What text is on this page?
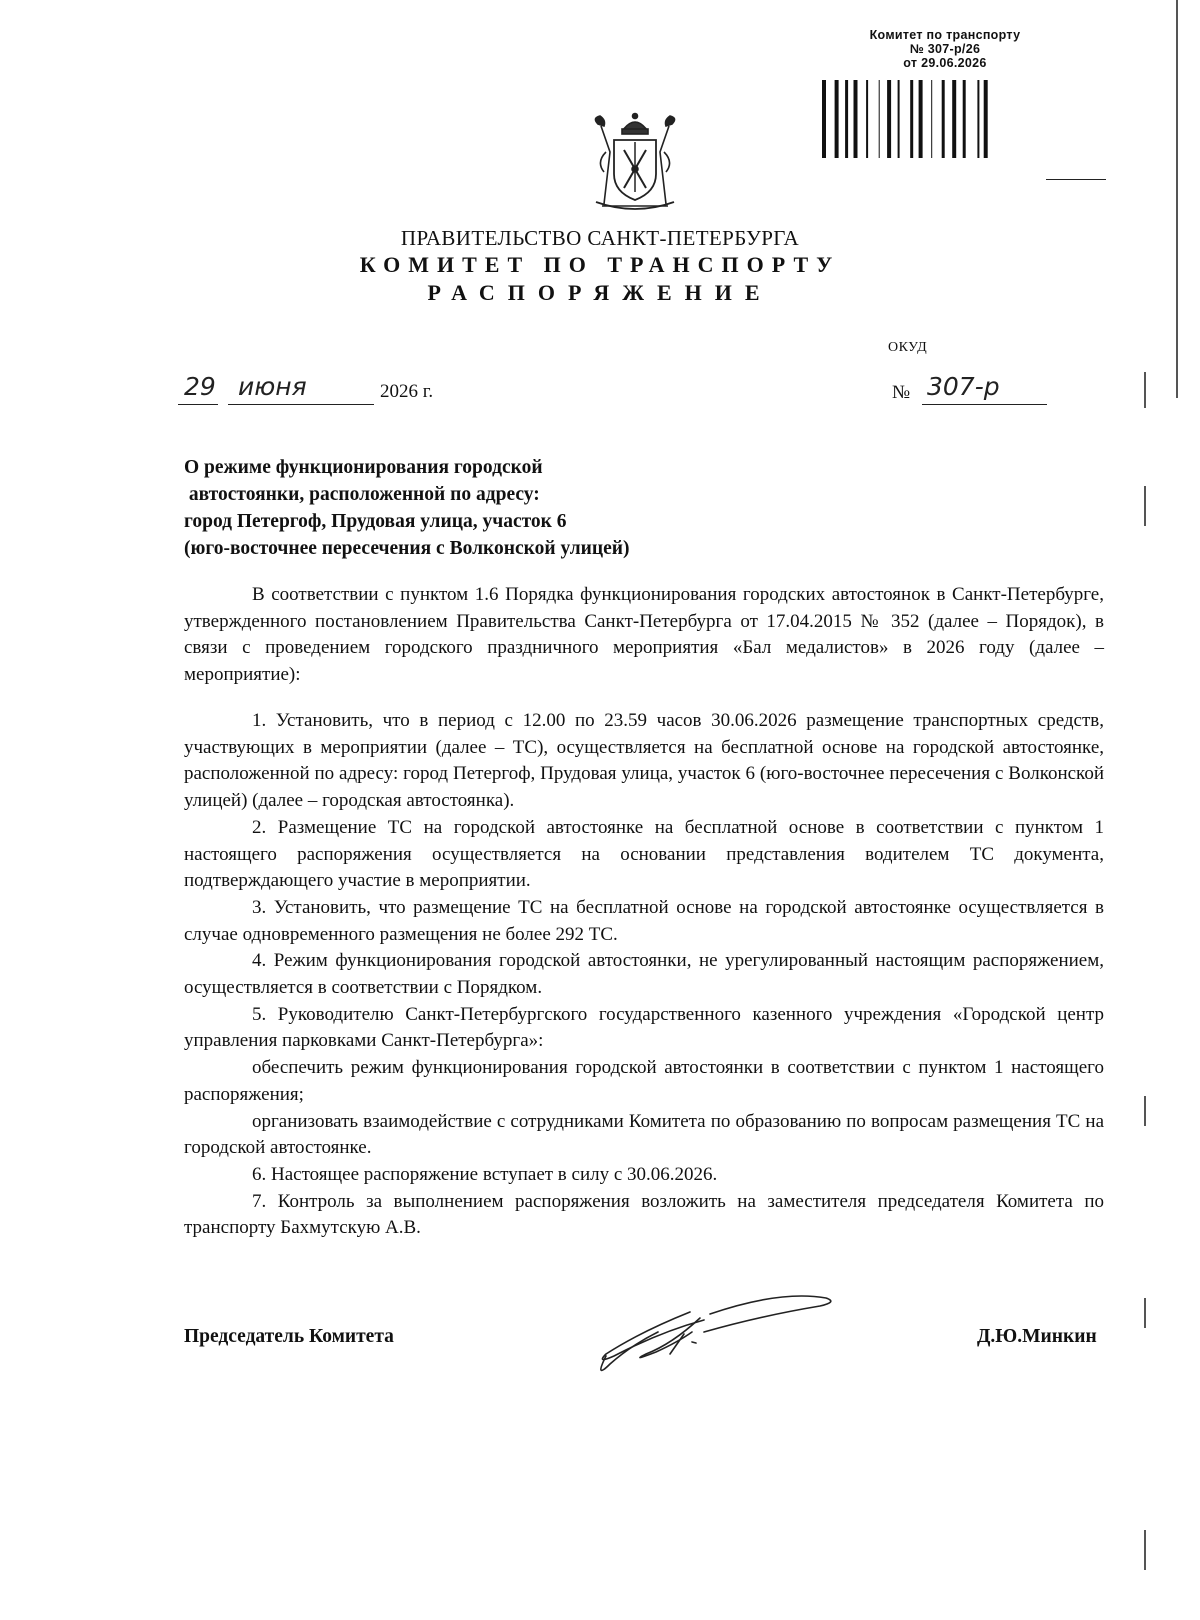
Комитет по транспорту
№ 307-р/26
от 29.06.2026
ПРАВИТЕЛЬСТВО САНКТ-ПЕТЕРБУРГА
КОМИТЕТ ПО ТРАНСПОРТУ
РАСПОРЯЖЕНИЕ
ОКУД
29 июня	2026 г.	№ 307-р
О режиме функционирования городской
автостоянки, расположенной по адресу:
город Петергоф, Прудовая улица, участок 6
(юго-восточнее пересечения с Волконской улицей)

В соответствии с пунктом 1.6 Порядка функционирования городских автостоянок в Санкт-Петербурге, утвержденного постановлением Правительства Санкт-Петербурга от 17.04.2015 № 352 (далее – Порядок), в связи с проведением городского праздничного мероприятия «Бал медалистов» в 2026 году (далее – мероприятие):

1. Установить, что в период с 12.00 по 23.59 часов 30.06.2026 размещение транспортных средств, участвующих в мероприятии (далее – ТС), осуществляется на бесплатной основе на городской автостоянке, расположенной по адресу: город Петергоф, Прудовая улица, участок 6 (юго-восточнее пересечения с Волконской улицей) (далее – городская автостоянка).

2. Размещение ТС на городской автостоянке на бесплатной основе в соответствии с пунктом 1 настоящего распоряжения осуществляется на основании представления водителем ТС документа, подтверждающего участие в мероприятии.

3. Установить, что размещение ТС на бесплатной основе на городской автостоянке осуществляется в случае одновременного размещения не более 292 ТС.

4. Режим функционирования городской автостоянки, не урегулированный настоящим распоряжением, осуществляется в соответствии с Порядком.

5. Руководителю Санкт-Петербургского государственного казенного учреждения «Городской центр управления парковками Санкт-Петербурга»:

обеспечить режим функционирования городской автостоянки в соответствии с пунктом 1 настоящего распоряжения;

организовать взаимодействие с сотрудниками Комитета по образованию по вопросам размещения ТС на городской автостоянке.

6. Настоящее распоряжение вступает в силу с 30.06.2026.

7. Контроль за выполнением распоряжения возложить на заместителя председателя Комитета по транспорту Бахмутскую А.В.

Председатель Комитета	Д.Ю.Минкин
